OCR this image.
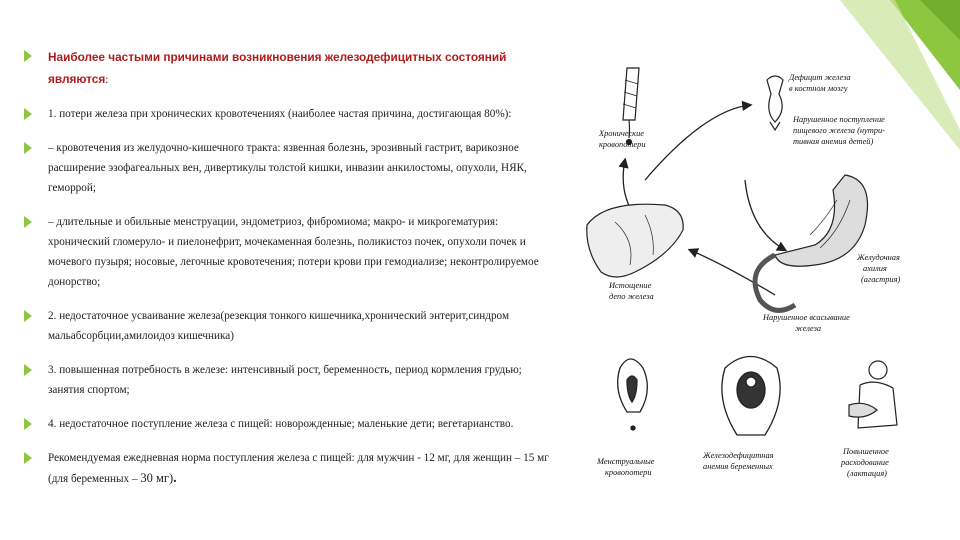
Наиболее частыми причинами возникновения железодефицитных состояний являются:
1. потери железа при хронических кровотечениях (наиболее частая причина, достигающая 80%):
– кровотечения из желудочно-кишечного тракта: язвенная болезнь, эрозивный гастрит, варикозное расширение эзофагеальных вен, дивертикулы толстой кишки, инвазии анкилостомы, опухоли, НЯК, геморрой;
– длительные и обильные менструации, эндометриоз, фибромиома; макро- и микрогематурия: хронический гломерулo- и пиелонефрит, мочекаменная болезнь, поликистоз почек, опухоли почек и мочевого пузыря; носовые, легочные кровотечения; потери крови при гемодиализе; неконтролируемое донорство;
2. недостаточное усваивание железа(резекция тонкого кишечника,хронический энтерит,синдром мальабсорбции,амилоидоз кишечника)
3. повышенная потребность в железе: интенсивный рост, беременность, период кормления грудью; занятия спортом;
4. недостаточное поступление железа с пищей: новорожденные; маленькие дети; вегетарианство.
Рекомендуемая ежедневная норма поступления железа с пищей: для мужчин - 12 мг, для женщин – 15 мг (для беременных – 30 мг).
Дефицит железа в костном мозгу
Хронические кровопотери
Нарушенное поступление пищевого железа (нутри- тивная анемия детей)
Истощение депо железа
Желудочная ахилия (агастрия)
Нарушенное всасывание железа
Менструальные кровопотери
Железодефицитная анемия беременных
Повышенное расходование (лактация)
